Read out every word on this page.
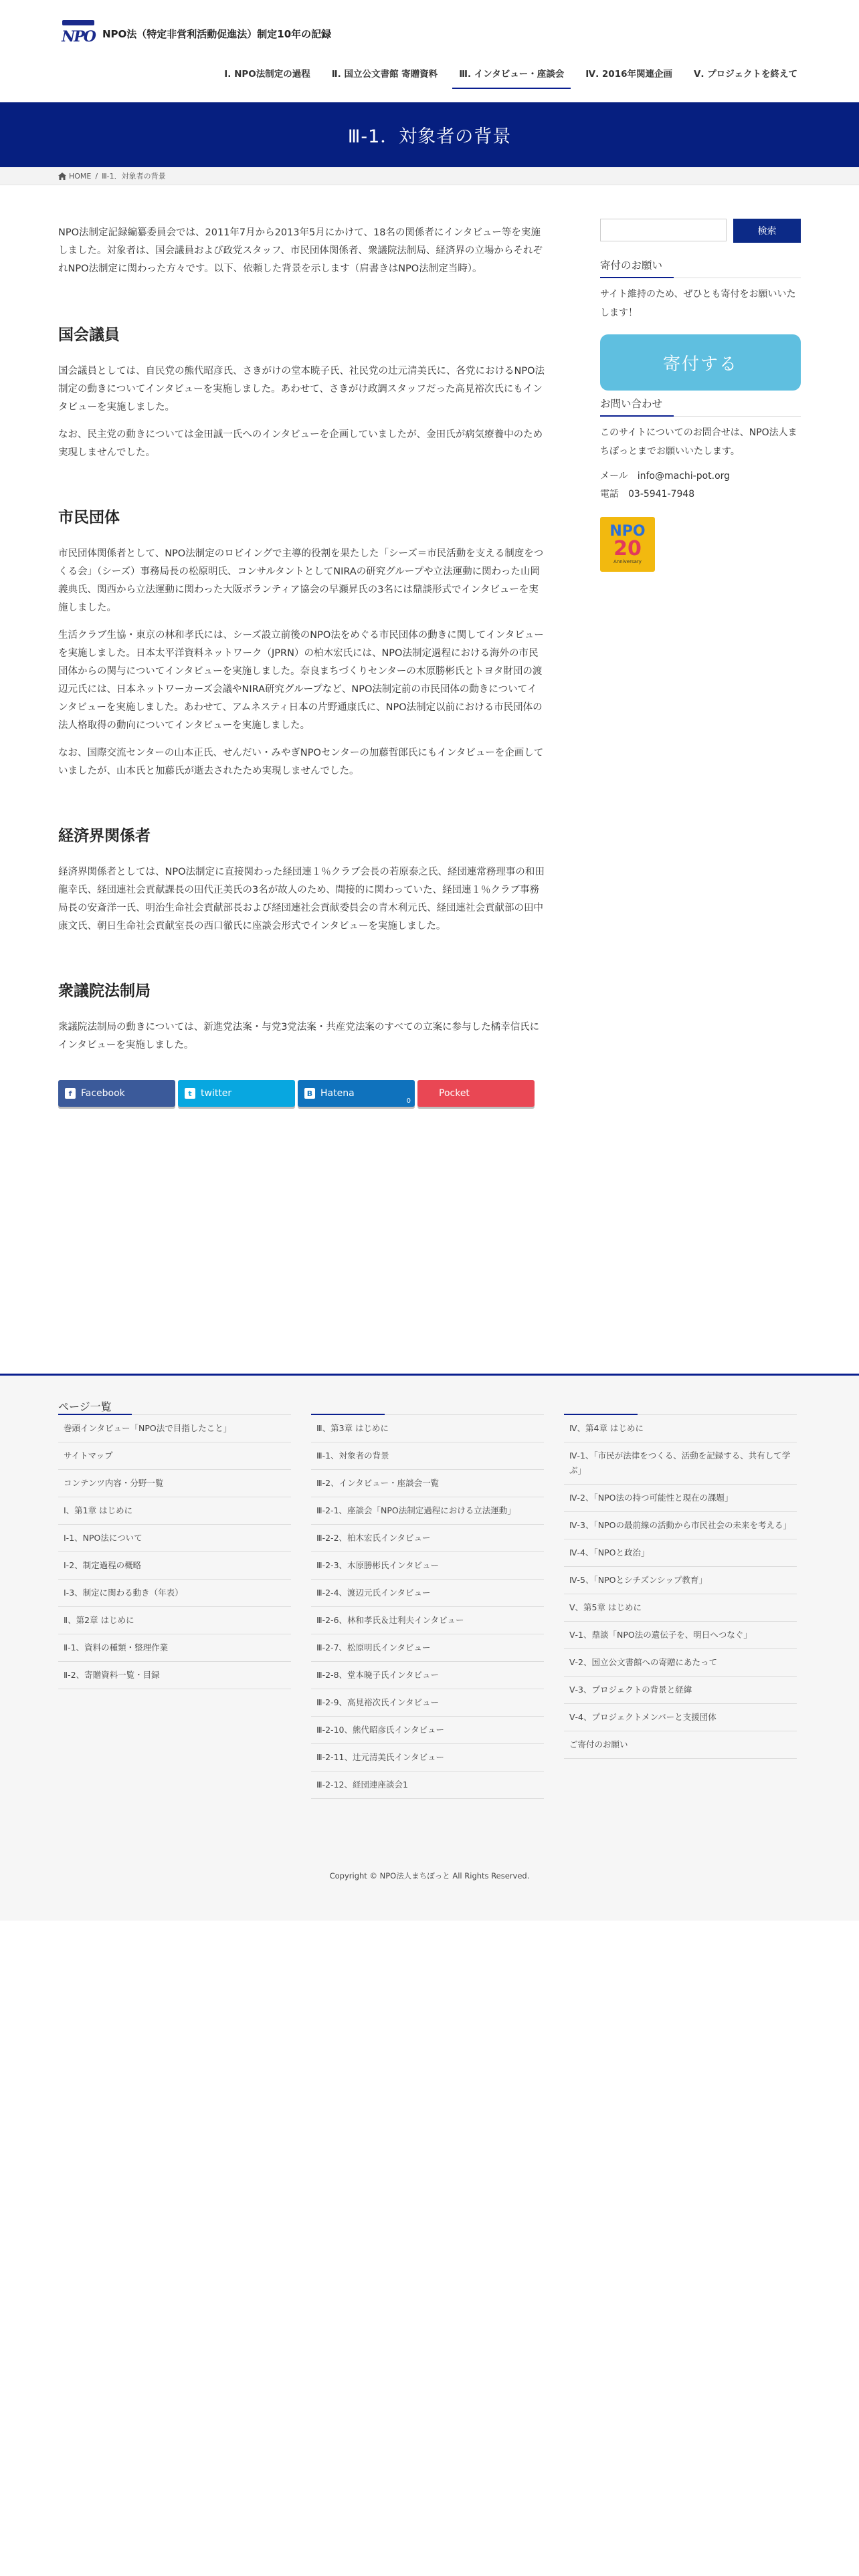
NPO NPO法（特定非営利活動促進法）制定10年の記録
Ⅰ. NPO法制定の過程	Ⅱ. 国立公文書館 寄贈資料	Ⅲ. インタビュー・座談会	Ⅳ. 2016年関連企画	Ⅴ. プロジェクトを終えて
Ⅲ-1．対象者の背景
HOME / Ⅲ-1．対象者の背景

NPO法制定記録編纂委員会では、2011年7月から2013年5月にかけて、18名の関係者にインタビュー等を実施しました。対象者は、国会議員および政党スタッフ、市民団体関係者、衆議院法制局、経済界の立場からそれぞれNPO法制定に関わった方々です。以下、依頼した背景を示します（肩書きはNPO法制定当時）。

国会議員

国会議員としては、自民党の熊代昭彦氏、さきがけの堂本暁子氏、社民党の辻元清美氏に、各党におけるNPO法制定の動きについてインタビューを実施しました。あわせて、さきがけ政調スタッフだった高見裕次氏にもインタビューを実施しました。

なお、民主党の動きについては金田誠一氏へのインタビューを企画していましたが、金田氏が病気療養中のため実現しませんでした。

市民団体

市民団体関係者として、NPO法制定のロビイングで主導的役割を果たした「シーズ＝市民活動を支える制度をつくる会」（シーズ）事務局長の松原明氏、コンサルタントとしてNIRAの研究グループや立法運動に関わった山岡義典氏、関西から立法運動に関わった大阪ボランティア協会の早瀬昇氏の3名には鼎談形式でインタビューを実施しました。

生活クラブ生協・東京の林和孝氏には、シーズ設立前後のNPO法をめぐる市民団体の動きに関してインタビューを実施しました。日本太平洋資料ネットワーク（JPRN）の柏木宏氏には、NPO法制定過程における海外の市民団体からの関与についてインタビューを実施しました。奈良まちづくりセンターの木原勝彬氏とトヨタ財団の渡辺元氏には、日本ネットワーカーズ会議やNIRA研究グループなど、NPO法制定前の市民団体の動きについてインタビューを実施しました。あわせて、アムネスティ日本の片野通康氏に、NPO法制定以前における市民団体の法人格取得の動向についてインタビューを実施しました。

なお、国際交流センターの山本正氏、せんだい・みやぎNPOセンターの加藤哲郎氏にもインタビューを企画していましたが、山本氏と加藤氏が逝去されたため実現しませんでした。

経済界関係者

経済界関係者としては、NPO法制定に直接関わった経団連１％クラブ会長の若原泰之氏、経団連常務理事の和田龍幸氏、経団連社会貢献課長の田代正美氏の3名が故人のため、間接的に関わっていた、経団連１％クラブ事務局長の安斎洋一氏、明治生命社会貢献部長および経団連社会貢献委員会の青木利元氏、経団連社会貢献部の田中康文氏、朝日生命社会貢献室長の西口徹氏に座談会形式でインタビューを実施しました。

衆議院法制局

衆議院法制局の動きについては、新進党法案・与党3党法案・共産党法案のすべての立案に参与した橘幸信氏にインタビューを実施しました。

f Facebook	t twitter	B Hatena
0
Pocket
検索
寄付のお願い

サイト維持のため、ぜひとも寄付をお願いいたします！

寄付する
お問い合わせ

このサイトについてのお問合せは、NPO法人まちぽっとまでお願いいたします。

メール　info@machi-pot.org
電話　03-5941-7948
NPO
20
Anniversary
ページ一覧
巻頭インタビュー「NPO法で目指したこと」
サイトマップ
コンテンツ内容・分野一覧
Ⅰ、第1章 はじめに
Ⅰ-1、NPO法について
Ⅰ-2、制定過程の概略
Ⅰ-3、制定に関わる動き（年表）
Ⅱ、第2章 はじめに
Ⅱ-1、資料の種類・整理作業
Ⅱ-2、寄贈資料一覧・目録
Ⅲ、第3章 はじめに
Ⅲ-1、対象者の背景
Ⅲ-2、インタビュー・座談会一覧
Ⅲ-2-1、座談会「NPO法制定過程における立法運動」
Ⅲ-2-2、柏木宏氏インタビュー
Ⅲ-2-3、木原勝彬氏インタビュー
Ⅲ-2-4、渡辺元氏インタビュー
Ⅲ-2-6、林和孝氏＆辻利夫インタビュー
Ⅲ-2-7、松原明氏インタビュー
Ⅲ-2-8、堂本暁子氏インタビュー
Ⅲ-2-9、高見裕次氏インタビュー
Ⅲ-2-10、熊代昭彦氏インタビュー
Ⅲ-2-11、辻元清美氏インタビュー
Ⅲ-2-12、経団連座談会1
Ⅳ、第4章 はじめに
Ⅳ-1、「市民が法律をつくる、活動を記録する、共有して学ぶ」
Ⅳ-2、「NPO法の持つ可能性と現在の課題」
Ⅳ-3、「NPOの最前線の活動から市民社会の未来を考える」
Ⅳ-4、「NPOと政治」
Ⅳ-5、「NPOとシチズンシップ教育」
Ⅴ、第5章 はじめに
Ⅴ-1、鼎談「NPO法の遺伝子を、明日へつなぐ」
Ⅴ-2、国立公文書館への寄贈にあたって
Ⅴ-3、プロジェクトの背景と経緯
Ⅴ-4、プロジェクトメンバーと支援団体
ご寄付のお願い
Copyright © NPO法人まちぽっと All Rights Reserved.
